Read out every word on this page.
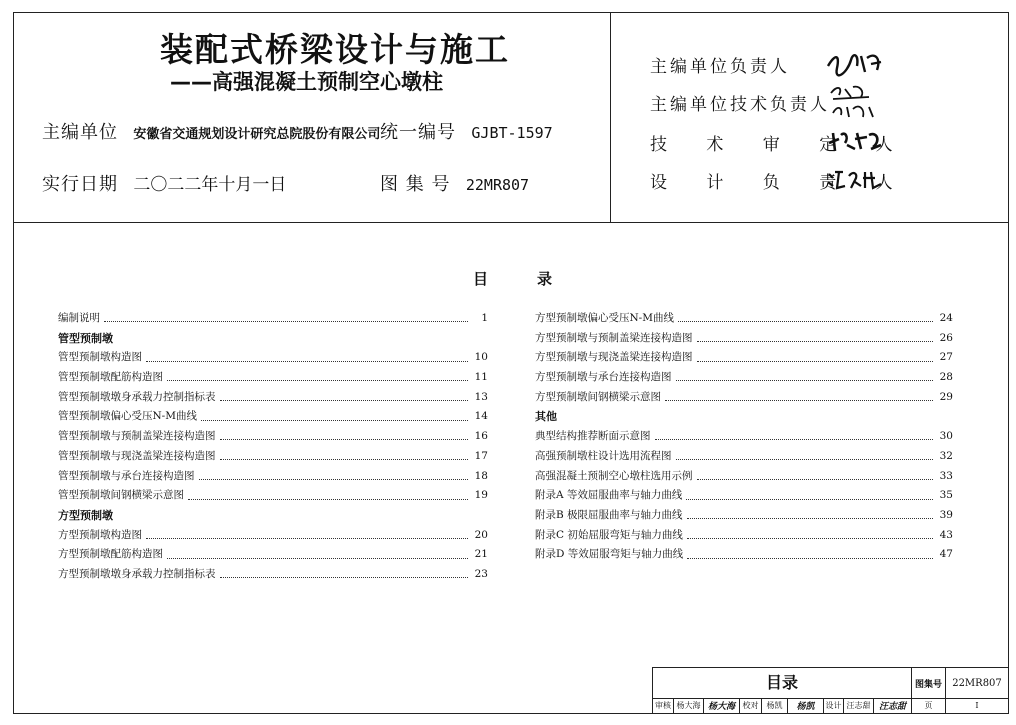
装配式桥梁设计与施工
——高强混凝土预制空心墩柱
主编单位 安徽省交通规划设计研究总院股份有限公司 统一编号 GJBT-1597
实行日期 二〇二二年十月一日	图 集 号 22MR807
主编单位负责人
主编单位技术负责人
技 术 审 定 人
设 计 负 责 人
目	录
编制说明	1
管型预制墩
管型预制墩构造图	10
管型预制墩配筋构造图	11
管型预制墩墩身承载力控制指标表	13
管型预制墩偏心受压N-M曲线	14
管型预制墩与预制盖梁连接构造图	16
管型预制墩与现浇盖梁连接构造图	17
管型预制墩与承台连接构造图	18
管型预制墩间钢横梁示意图	19
方型预制墩
方型预制墩构造图	20
方型预制墩配筋构造图	21
方型预制墩墩身承载力控制指标表	23
方型预制墩偏心受压N-M曲线	24
方型预制墩与预制盖梁连接构造图	26
方型预制墩与现浇盖梁连接构造图	27
方型预制墩与承台连接构造图	28
方型预制墩间钢横梁示意图	29
其他
典型结构推荐断面示意图	30
高强预制墩柱设计选用流程图	32
高强混凝土预制空心墩柱选用示例	33
附录A 等效屈服曲率与轴力曲线	35
附录B 极限屈服曲率与轴力曲线	39
附录C 初始屈服弯矩与轴力曲线	43
附录D 等效屈服弯矩与轴力曲线	47
目录	图集号	22MR807
审核 杨大海 杨大海 校对	杨凯	杨凯	设计 汪志甜 汪志甜	页	I
